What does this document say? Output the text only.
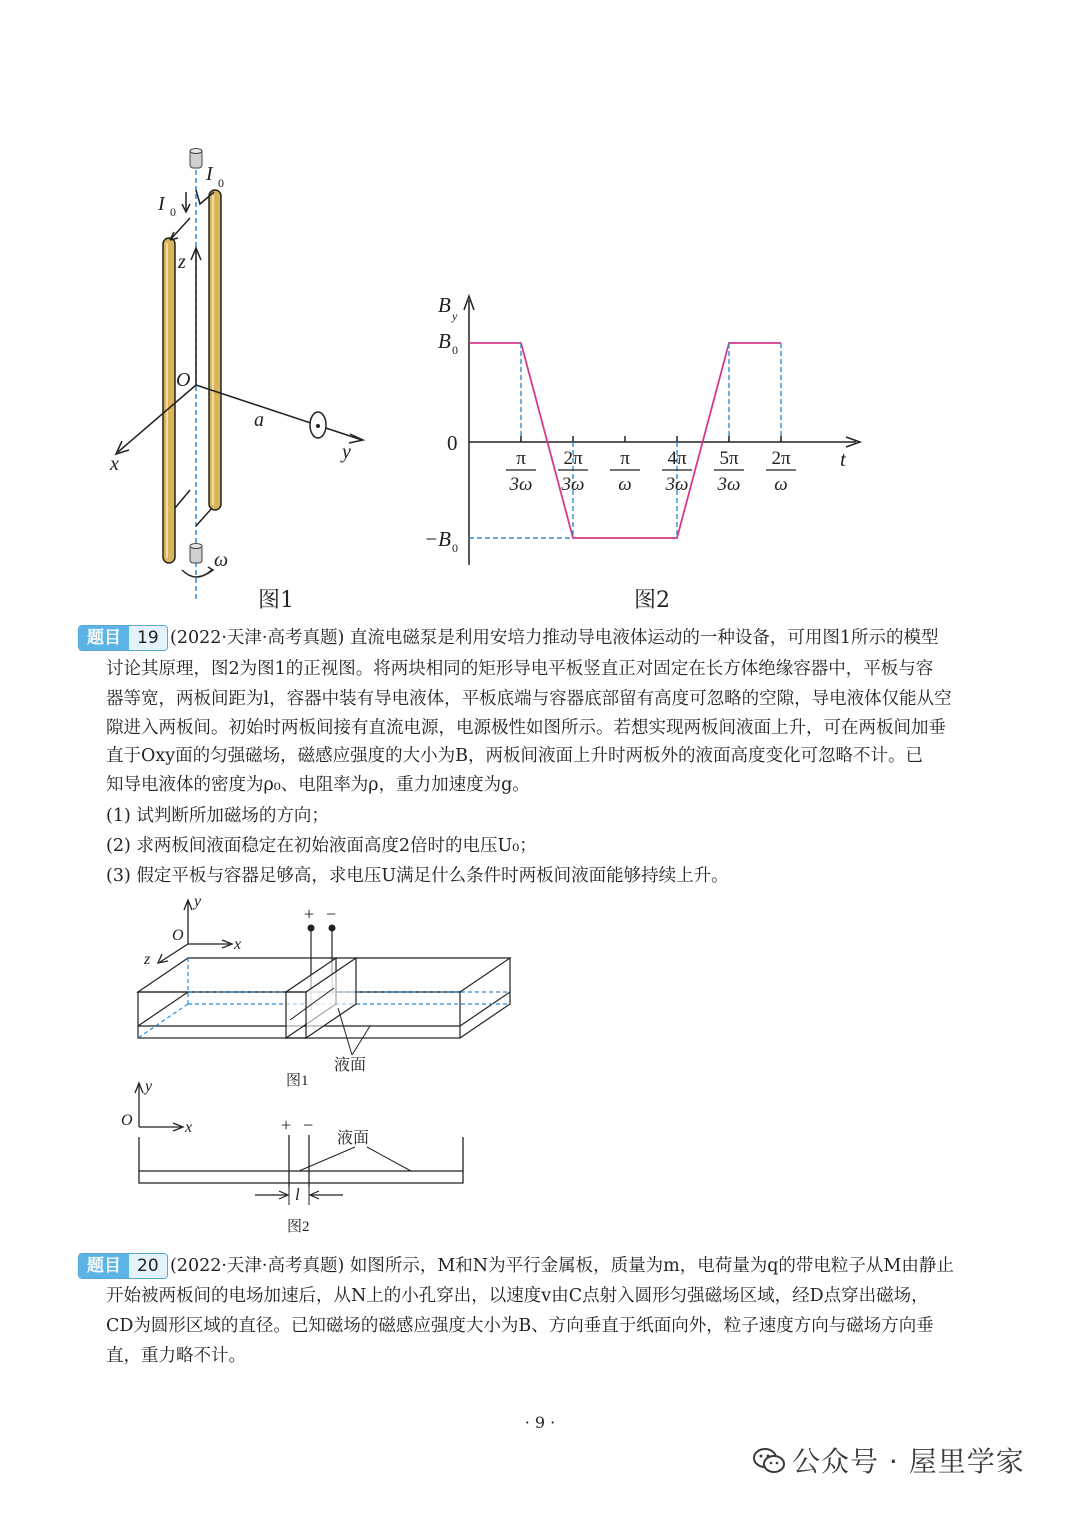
I 0
I 0
z
O
x
y
a
ω
图1
π
3ω
2π
3ω
π
ω
4π
3ω
5π
3ω
2π
ω
B y
B 0
0
−B 0
t
图2
题目 19 (2022·天津·高考真题) 直流电磁泵是利用安培力推动导电液体运动的一种设备，可用图1所示的模型
讨论其原理，图2为图1的正视图。将两块相同的矩形导电平板竖直正对固定在长方体绝缘容器中，平板与容
器等宽，两板间距为l，容器中装有导电液体，平板底端与容器底部留有高度可忽略的空隙，导电液体仅能从空
隙进入两板间。初始时两板间接有直流电源，电源极性如图所示。若想实现两板间液面上升，可在两板间加垂
直于Oxy面的匀强磁场，磁感应强度的大小为B，两板间液面上升时两板外的液面高度变化可忽略不计。已
知导电液体的密度为ρ₀、电阻率为ρ，重力加速度为g。
(1) 试判断所加磁场的方向；
(2) 求两板间液面稳定在初始液面高度2倍时的电压U₀；
(3) 假定平板与容器足够高，求电压U满足什么条件时两板间液面能够持续上升。
y
x
O
z
+ −
液面
图1
y
x
O	+ −
液面
l
图2
题目 20 (2022·天津·高考真题) 如图所示，M和N为平行金属板，质量为m，电荷量为q的带电粒子从M由静止
开始被两板间的电场加速后，从N上的小孔穿出，以速度v由C点射入圆形匀强磁场区域，经D点穿出磁场，
CD为圆形区域的直径。已知磁场的磁感应强度大小为B、方向垂直于纸面向外，粒子速度方向与磁场方向垂
直，重力略不计。
· 9 ·
公众号 · 屋里学家
